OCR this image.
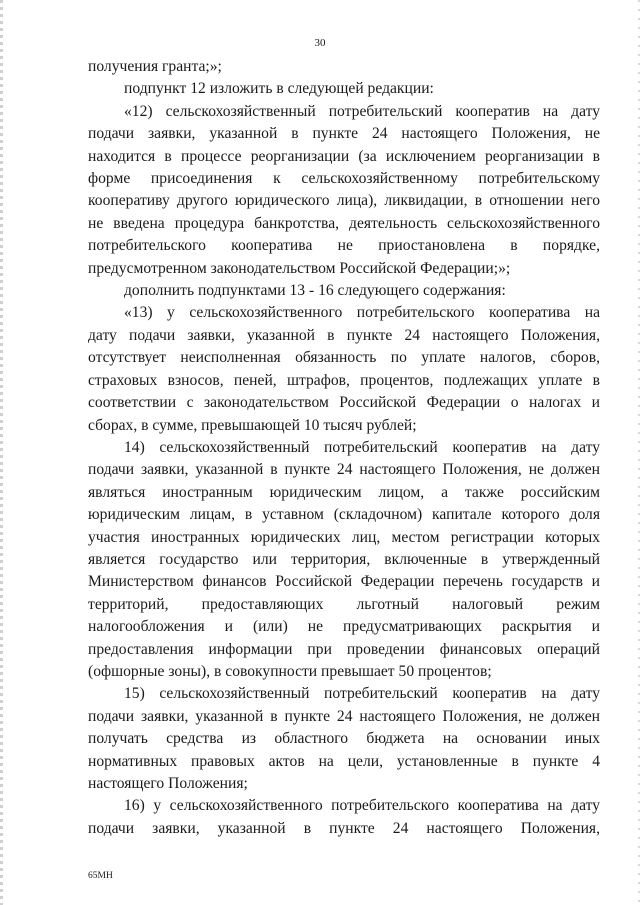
30

получения гранта;»;

подпункт 12 изложить в следующей редакции:

«12) сельскохозяйственный потребительский кооператив на дату

подачи заявки, указанной в пункте 24 настоящего Положения, не

находится в процессе реорганизации (за исключением реорганизации в

форме присоединения к сельскохозяйственному потребительскому

кооперативу другого юридического лица), ликвидации, в отношении него

не введена процедура банкротства, деятельность сельскохозяйственного

потребительского кооператива не приостановлена в порядке,

предусмотренном законодательством Российской Федерации;»;

дополнить подпунктами 13 - 16 следующего содержания:

«13) у сельскохозяйственного потребительского кооператива на

дату подачи заявки, указанной в пункте 24 настоящего Положения,

отсутствует неисполненная обязанность по уплате налогов, сборов,

страховых взносов, пеней, штрафов, процентов, подлежащих уплате в

соответствии с законодательством Российской Федерации о налогах и

сборах, в сумме, превышающей 10 тысяч рублей;

14) сельскохозяйственный потребительский кооператив на дату

подачи заявки, указанной в пункте 24 настоящего Положения, не должен

являться иностранным юридическим лицом, а также российским

юридическим лицам, в уставном (складочном) капитале которого доля

участия иностранных юридических лиц, местом регистрации которых

является государство или территория, включенные в утвержденный

Министерством финансов Российской Федерации перечень государств и

территорий, предоставляющих льготный налоговый режим

налогообложения и (или) не предусматривающих раскрытия и

предоставления информации при проведении финансовых операций

(офшорные зоны), в совокупности превышает 50 процентов;

15) сельскохозяйственный потребительский кооператив на дату

подачи заявки, указанной в пункте 24 настоящего Положения, не должен

получать средства из областного бюджета на основании иных

нормативных правовых актов на цели, установленные в пункте 4

настоящего Положения;

16) у сельскохозяйственного потребительского кооператива на дату

подачи заявки, указанной в пункте 24 настоящего Положения,

65МН
